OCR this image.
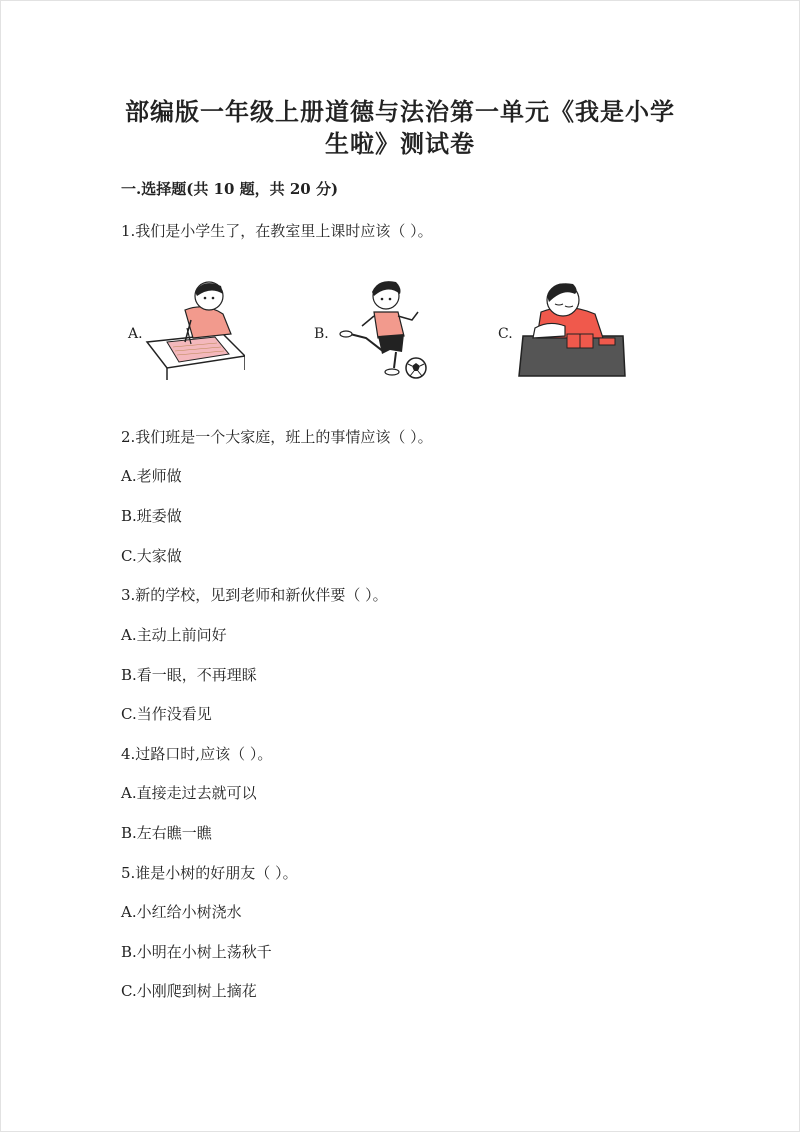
部编版一年级上册道德与法治第一单元《我是小学
生啦》测试卷
一.选择题(共 10 题，共 20 分)
1.我们是小学生了，在教室里上课时应该（ ）。
A.	B.	C.
2.我们班是一个大家庭，班上的事情应该（ ）。
A.老师做
B.班委做
C.大家做
3.新的学校，见到老师和新伙伴要（ ）。
A.主动上前问好
B.看一眼，不再理睬
C.当作没看见
4.过路口时,应该（ ）。
A.直接走过去就可以
B.左右瞧一瞧
5.谁是小树的好朋友（ ）。
A.小红给小树浇水
B.小明在小树上荡秋千
C.小刚爬到树上摘花
